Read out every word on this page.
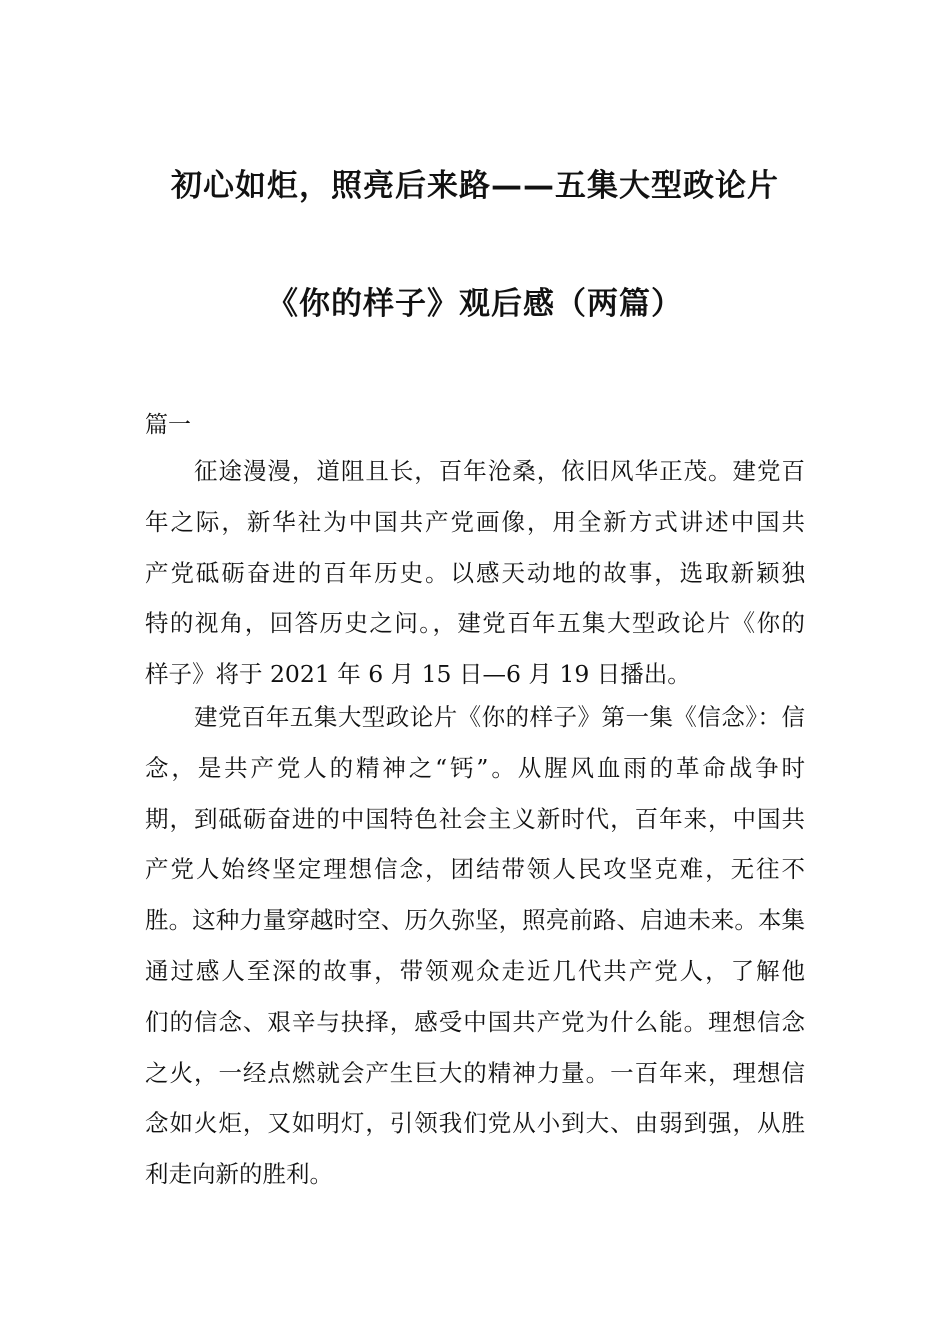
初心如炬，照亮后来路——五集大型政论片
《你的样子》观后感（两篇）
篇一
征途漫漫，道阻且长，百年沧桑，依旧风华正茂。建党百
年之际，新华社为中国共产党画像，用全新方式讲述中国共
产党砥砺奋进的百年历史。以感天动地的故事，选取新颖独
特的视角，回答历史之问。，建党百年五集大型政论片《你的
样子》将于 2021 年 6 月 15 日—6 月 19 日播出。
建党百年五集大型政论片《你的样子》第一集《信念》：信
念，是共产党人的精神之“钙”。从腥风血雨的革命战争时
期，到砥砺奋进的中国特色社会主义新时代，百年来，中国共
产党人始终坚定理想信念，团结带领人民攻坚克难，无往不
胜。这种力量穿越时空、历久弥坚，照亮前路、启迪未来。本集
通过感人至深的故事，带领观众走近几代共产党人，了解他
们的信念、艰辛与抉择，感受中国共产党为什么能。理想信念
之火，一经点燃就会产生巨大的精神力量。一百年来，理想信
念如火炬，又如明灯，引领我们党从小到大、由弱到强，从胜
利走向新的胜利。
